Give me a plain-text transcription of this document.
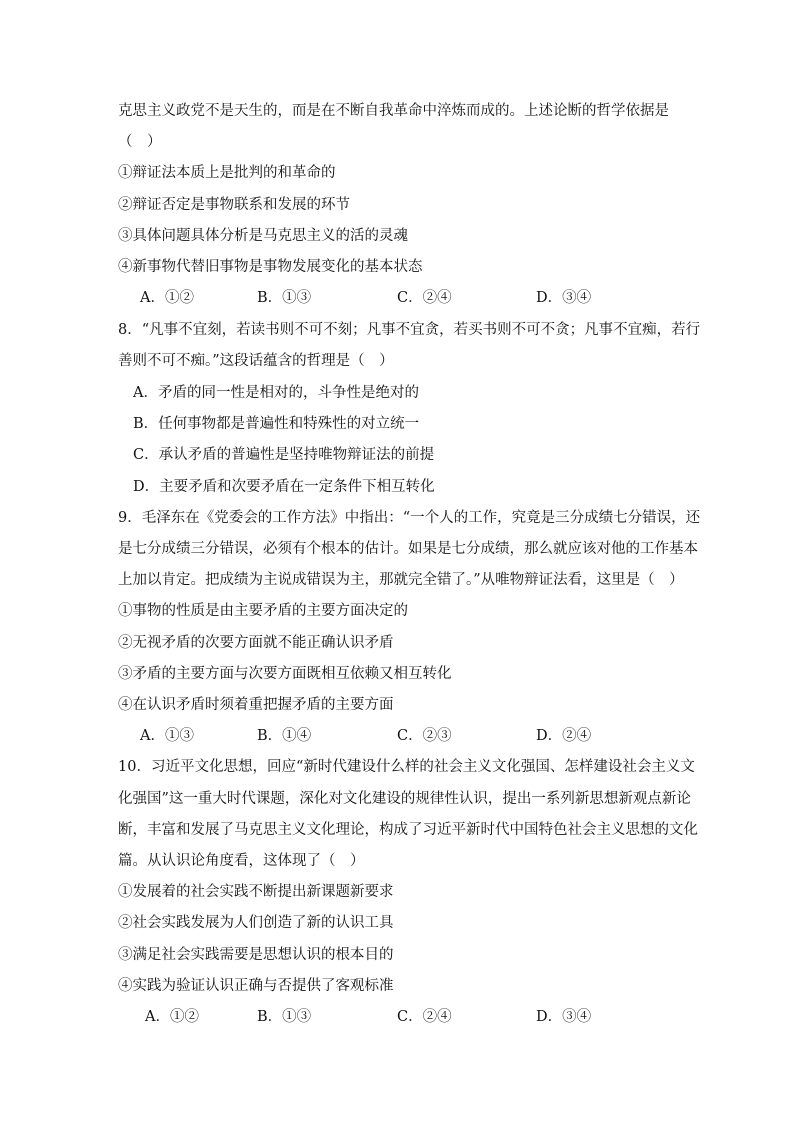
克思主义政党不是天生的，而是在不断自我革命中淬炼而成的。上述论断的哲学依据是
（　）
①辩证法本质上是批判的和革命的
②辩证否定是事物联系和发展的环节
③具体问题具体分析是马克思主义的活的灵魂
④新事物代替旧事物是事物发展变化的基本状态
A．①②	B．①③	C．②④	D．③④
8．“凡事不宜刻，若读书则不可不刻；凡事不宜贪，若买书则不可不贪；凡事不宜痴，若行
善则不可不痴。”这段话蕴含的哲理是（　）
A．矛盾的同一性是相对的，斗争性是绝对的
B．任何事物都是普遍性和特殊性的对立统一
C．承认矛盾的普遍性是坚持唯物辩证法的前提
D．主要矛盾和次要矛盾在一定条件下相互转化
9．毛泽东在《党委会的工作方法》中指出：“一个人的工作，究竟是三分成绩七分错误，还
是七分成绩三分错误，必须有个根本的估计。如果是七分成绩，那么就应该对他的工作基本
上加以肯定。把成绩为主说成错误为主，那就完全错了。”从唯物辩证法看，这里是（　）
①事物的性质是由主要矛盾的主要方面决定的
②无视矛盾的次要方面就不能正确认识矛盾
③矛盾的主要方面与次要方面既相互依赖又相互转化
④在认识矛盾时须着重把握矛盾的主要方面
A．①③	B．①④	C．②③	D．②④
10．习近平文化思想，回应“新时代建设什么样的社会主义文化强国、怎样建设社会主义文
化强国”这一重大时代课题，深化对文化建设的规律性认识，提出一系列新思想新观点新论
断，丰富和发展了马克思主义文化理论，构成了习近平新时代中国特色社会主义思想的文化
篇。从认识论角度看，这体现了（　）
①发展着的社会实践不断提出新课题新要求
②社会实践发展为人们创造了新的认识工具
③满足社会实践需要是思想认识的根本目的
④实践为验证认识正确与否提供了客观标准
A．①②	B．①③	C．②④	D．③④
